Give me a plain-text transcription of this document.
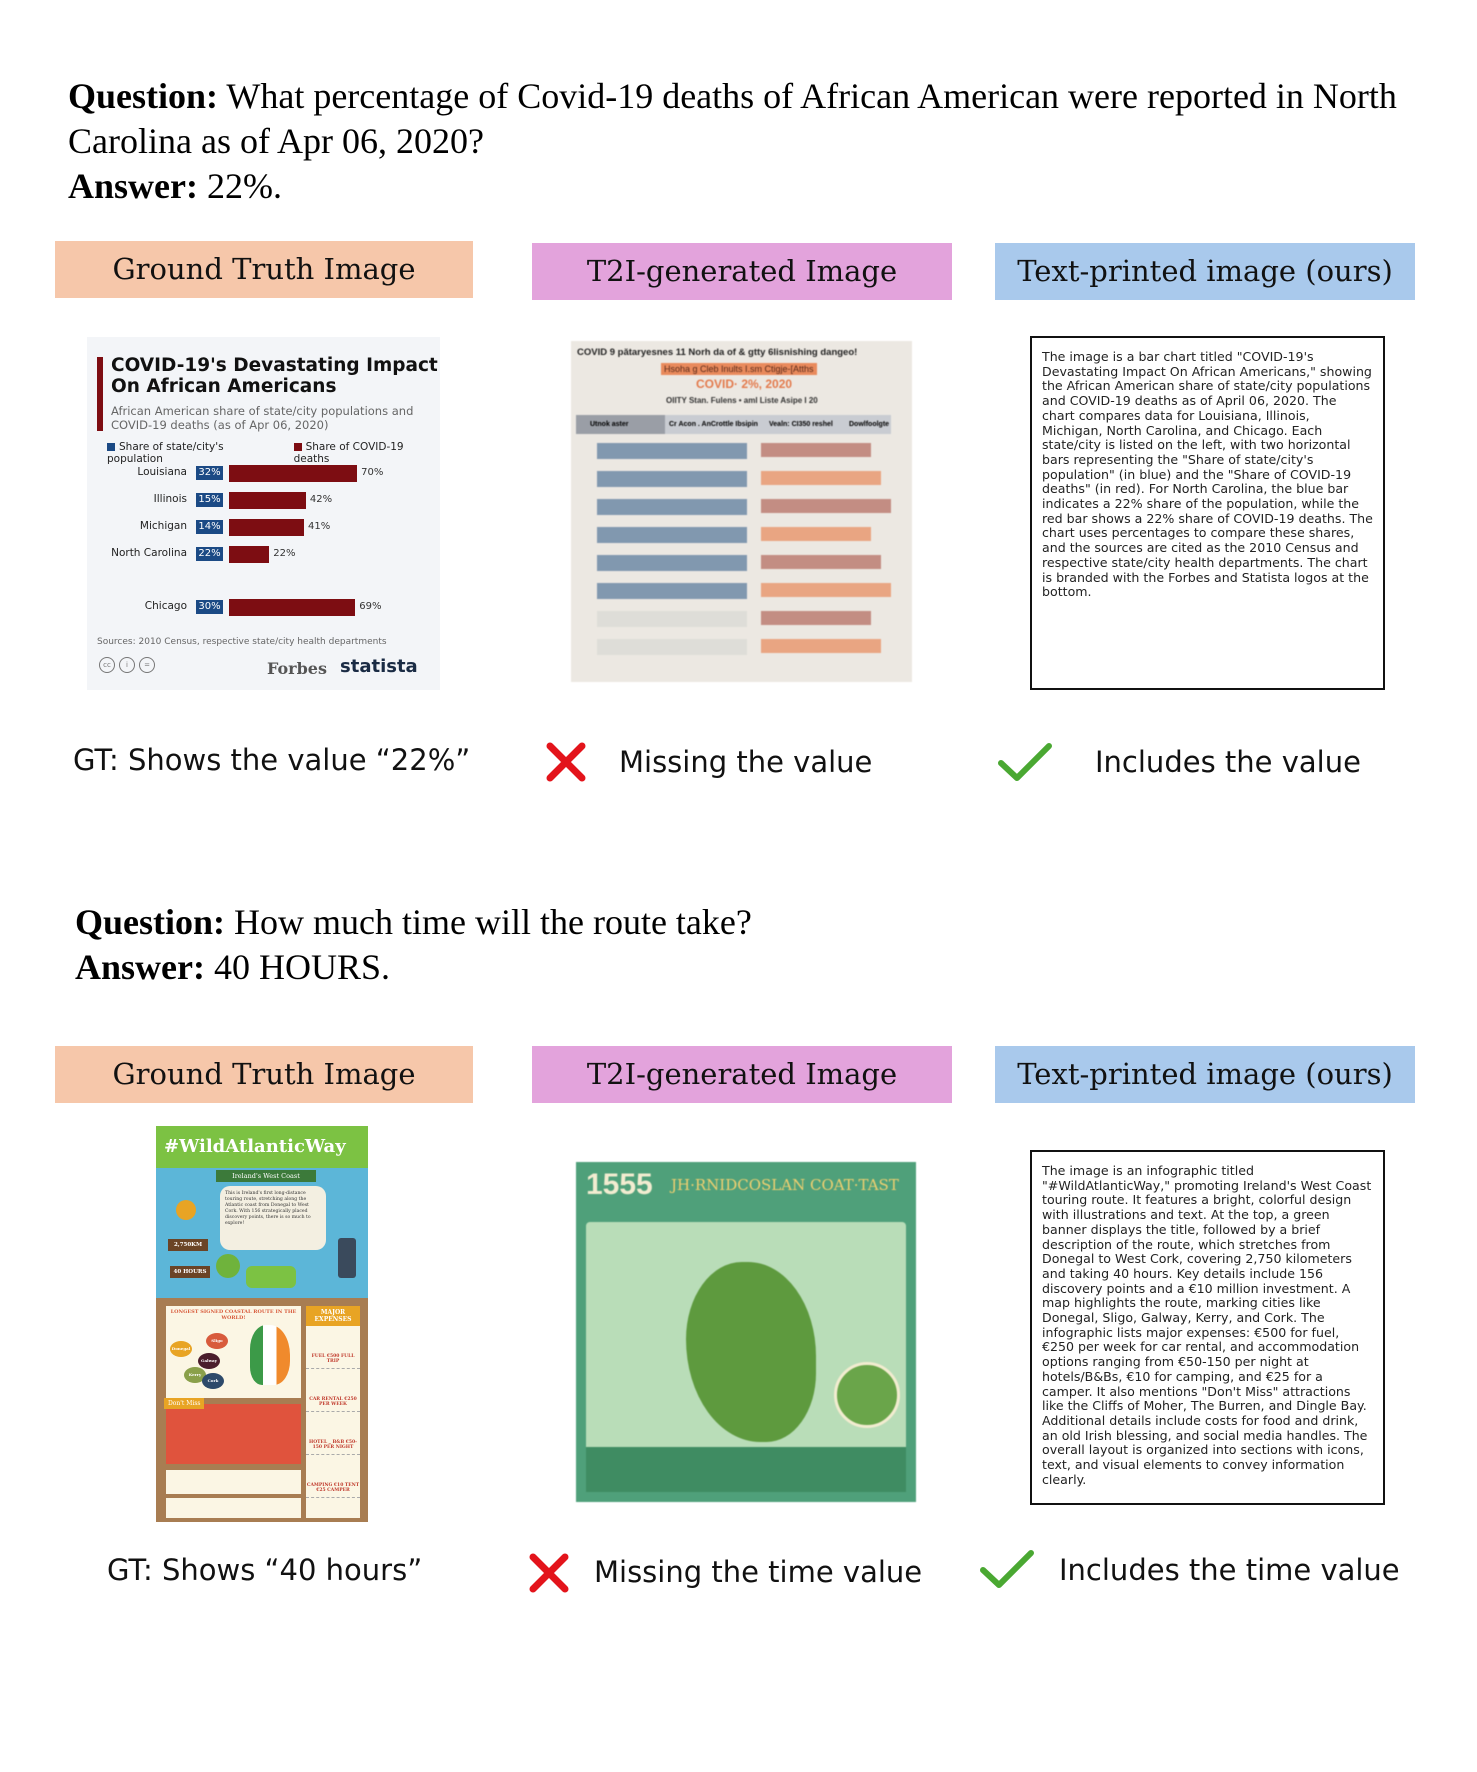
Question: What percentage of Covid-19 deaths of African American were reported in North Carolina as of Apr 06, 2020?
Answer: 22%.
Ground Truth Image	T2I-generated Image	Text-printed image (ours)
COVID-19's Devastating Impact On African Americans
African American share of state/city populations and COVID-19 deaths (as of Apr 06, 2020)
Share of state/city's population
Share of COVID-19 deaths
Louisiana 32%	70%
Illinois 15%	42%
Michigan 14%	41%
North Carolina 22%	22%
Chicago 30%	69%
Sources: 2010 Census, respective state/city health departments
cc	i	=	Forbes statista
COVID 9 pătaryesnes 11 Norh da of & gtty 6lisnishing dangeo!
Hsoha g Cleb Inults I.sm Ctigje-[Atths
COVID· 2%, 2020
OIITY Stan. Fulens • aml Liste Asipe I 20
Utnok aster	Cr Acon . AnCrottle Ibsipin	Vealn: CI350 reshel	Dowlfoolgte
The image is a bar chart titled "COVID-19's Devastating Impact On African Americans," showing the African American share of state/city populations and COVID-19 deaths as of April 06, 2020. The chart compares data for Louisiana, Illinois, Michigan, North Carolina, and Chicago. Each state/city is listed on the left, with two horizontal bars representing the "Share of state/city's population" (in blue) and the "Share of COVID-19 deaths" (in red). For North Carolina, the blue bar indicates a 22% share of the population, while the red bar shows a 22% share of COVID-19 deaths. The chart uses percentages to compare these shares, and the sources are cited as the 2010 Census and respective state/city health departments. The chart is branded with the Forbes and Statista logos at the bottom.
GT: Shows the value “22%”	Missing the value	Includes the value
Question: How much time will the route take?
Answer: 40 HOURS.
Ground Truth Image	T2I-generated Image	Text-printed image (ours)
#WildAtlanticWay
Ireland's West Coast
This is Ireland's first long-distance touring route, stretching along the Atlantic coast from Donegal to West Cork. With 156 strategically placed discovery points, there is so much to explore!
2,750KM
40 HOURS
LONGEST SIGNED COASTAL ROUTE IN THE WORLD!
Donegal
Sligo
Galway
Kerry
Cork
Don't Miss
MAJOR EXPENSES
FUEL €500 FULL TRIP
CAR RENTAL €250 PER WEEK
HOTEL _ B&B €50-150 PER NIGHT
CAMPING €10 TENT €25 CAMPER
1555 JH·RNIDCOSLAN COAT·TAST
The image is an infographic titled "#WildAtlanticWay," promoting Ireland's West Coast touring route. It features a bright, colorful design with illustrations and text. At the top, a green banner displays the title, followed by a brief description of the route, which stretches from Donegal to West Cork, covering 2,750 kilometers and taking 40 hours. Key details include 156 discovery points and a €10 million investment. A map highlights the route, marking cities like Donegal, Sligo, Galway, Kerry, and Cork. The infographic lists major expenses: €500 for fuel, €250 per week for car rental, and accommodation options ranging from €50-150 per night at hotels/B&Bs, €10 for camping, and €25 for a camper. It also mentions "Don't Miss" attractions like the Cliffs of Moher, The Burren, and Dingle Bay. Additional details include costs for food and drink, an old Irish blessing, and social media handles. The overall layout is organized into sections with icons, text, and visual elements to convey information clearly.
GT: Shows “40 hours”	Missing the time value	Includes the time value
